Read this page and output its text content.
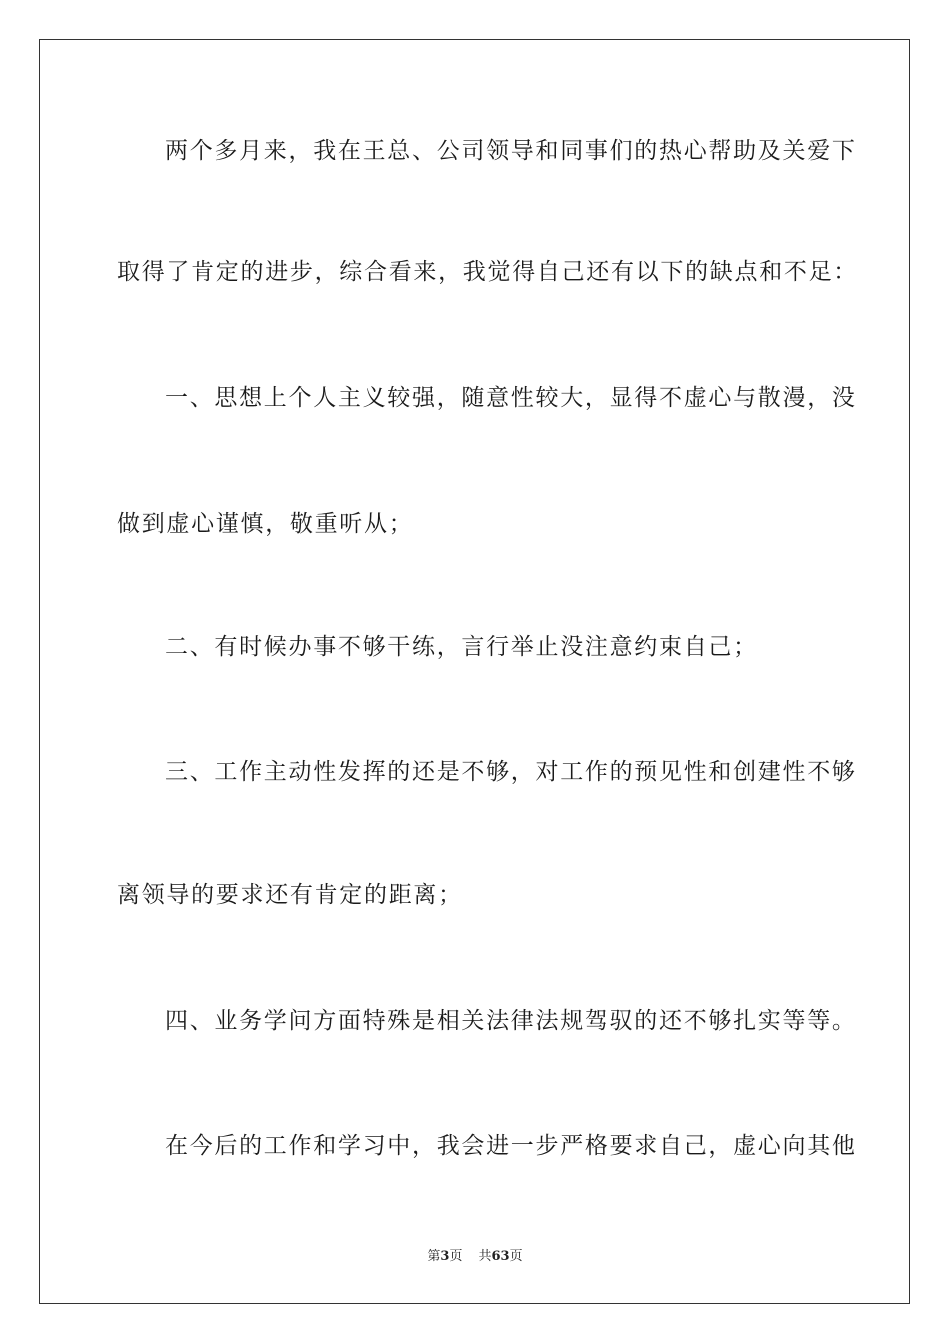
两个多月来，我在王总、公司领导和同事们的热心帮助及关爱下
取得了肯定的进步，综合看来，我觉得自己还有以下的缺点和不足：
一、思想上个人主义较强，随意性较大，显得不虚心与散漫，没
做到虚心谨慎，敬重听从；
二、有时候办事不够干练，言行举止没注意约束自己；
三、工作主动性发挥的还是不够，对工作的预见性和创建性不够
离领导的要求还有肯定的距离；
四、业务学问方面特殊是相关法律法规驾驭的还不够扎实等等。
在今后的工作和学习中，我会进一步严格要求自己，虚心向其他
第3页 共63页
